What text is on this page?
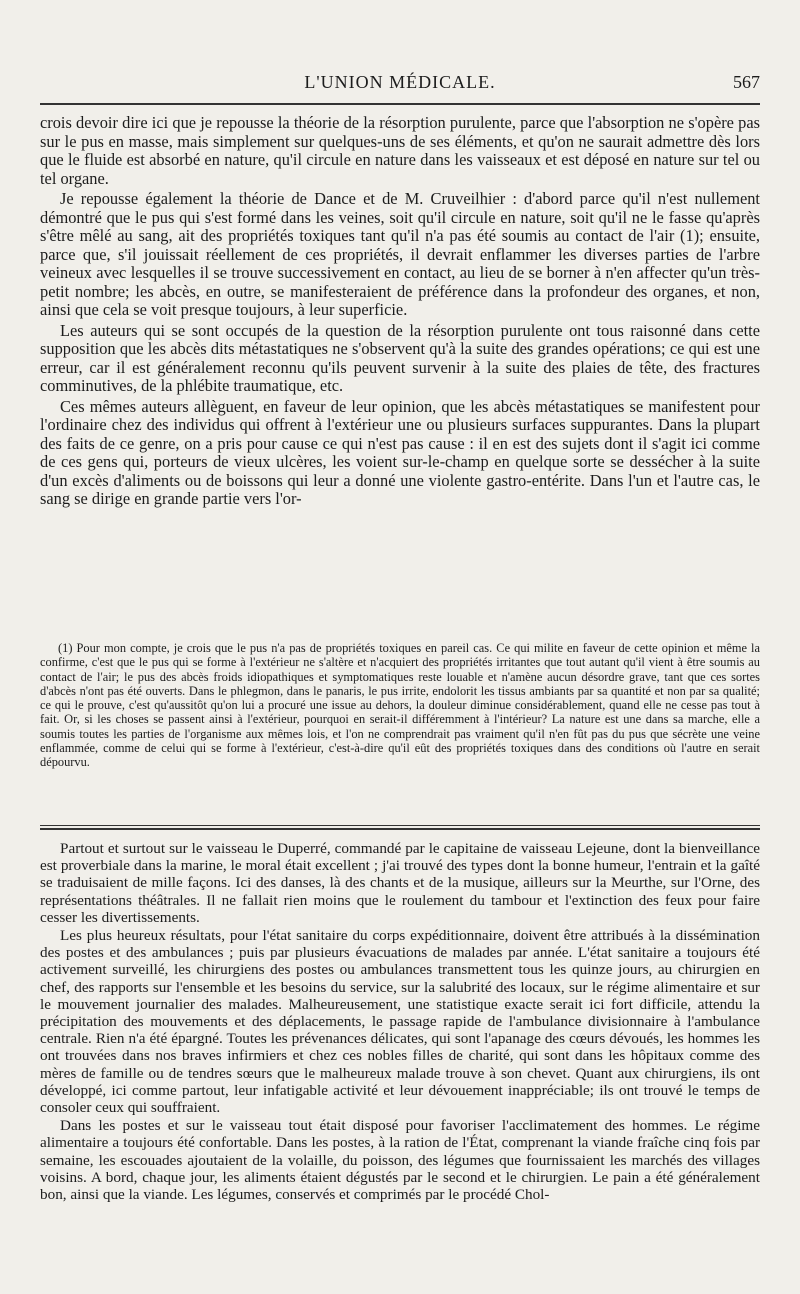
L'UNION MÉDICALE.	567

crois devoir dire ici que je repousse la théorie de la résorption purulente, parce que l'absorption ne s'opère pas sur le pus en masse, mais simplement sur quelques-uns de ses éléments, et qu'on ne saurait admettre dès lors que le fluide est absorbé en nature, qu'il circule en nature dans les vaisseaux et est déposé en nature sur tel ou tel organe.

Je repousse également la théorie de Dance et de M. Cruveilhier : d'abord parce qu'il n'est nullement démontré que le pus qui s'est formé dans les veines, soit qu'il circule en nature, soit qu'il ne le fasse qu'après s'être mêlé au sang, ait des propriétés toxiques tant qu'il n'a pas été soumis au contact de l'air (1); ensuite, parce que, s'il jouissait réellement de ces propriétés, il devrait enflammer les diverses parties de l'arbre veineux avec lesquelles il se trouve successivement en contact, au lieu de se borner à n'en affecter qu'un très-petit nombre; les abcès, en outre, se manifesteraient de préférence dans la profondeur des organes, et non, ainsi que cela se voit presque toujours, à leur superficie.

Les auteurs qui se sont occupés de la question de la résorption purulente ont tous raisonné dans cette supposition que les abcès dits métastatiques ne s'observent qu'à la suite des grandes opérations; ce qui est une erreur, car il est généralement reconnu qu'ils peuvent survenir à la suite des plaies de tête, des fractures comminutives, de la phlébite traumatique, etc.

Ces mêmes auteurs allèguent, en faveur de leur opinion, que les abcès métastatiques se manifestent pour l'ordinaire chez des individus qui offrent à l'extérieur une ou plusieurs surfaces suppurantes. Dans la plupart des faits de ce genre, on a pris pour cause ce qui n'est pas cause : il en est des sujets dont il s'agit ici comme de ces gens qui, porteurs de vieux ulcères, les voient sur-le-champ en quelque sorte se dessécher à la suite d'un excès d'aliments ou de boissons qui leur a donné une violente gastro-entérite. Dans l'un et l'autre cas, le sang se dirige en grande partie vers l'or-

(1) Pour mon compte, je crois que le pus n'a pas de propriétés toxiques en pareil cas. Ce qui milite en faveur de cette opinion et même la confirme, c'est que le pus qui se forme à l'extérieur ne s'altère et n'acquiert des propriétés irritantes que tout autant qu'il vient à être soumis au contact de l'air; le pus des abcès froids idiopathiques et symptomatiques reste louable et n'amène aucun désordre grave, tant que ces sortes d'abcès n'ont pas été ouverts. Dans le phlegmon, dans le panaris, le pus irrite, endolorit les tissus ambiants par sa quantité et non par sa qualité; ce qui le prouve, c'est qu'aussitôt qu'on lui a procuré une issue au dehors, la douleur diminue considérablement, quand elle ne cesse pas tout à fait. Or, si les choses se passent ainsi à l'extérieur, pourquoi en serait-il différemment à l'intérieur? La nature est une dans sa marche, elle a soumis toutes les parties de l'organisme aux mêmes lois, et l'on ne comprendrait pas vraiment qu'il n'en fût pas du pus que sécrète une veine enflammée, comme de celui qui se forme à l'extérieur, c'est-à-dire qu'il eût des propriétés toxiques dans des conditions où l'autre en serait dépourvu.

Partout et surtout sur le vaisseau le Duperré, commandé par le capitaine de vaisseau Lejeune, dont la bienveillance est proverbiale dans la marine, le moral était excellent ; j'ai trouvé des types dont la bonne humeur, l'entrain et la gaîté se traduisaient de mille façons. Ici des danses, là des chants et de la musique, ailleurs sur la Meurthe, sur l'Orne, des représentations théâtrales. Il ne fallait rien moins que le roulement du tambour et l'extinction des feux pour faire cesser les divertissements.

Les plus heureux résultats, pour l'état sanitaire du corps expéditionnaire, doivent être attribués à la dissémination des postes et des ambulances ; puis par plusieurs évacuations de malades par année. L'état sanitaire a toujours été activement surveillé, les chirurgiens des postes ou ambulances transmettent tous les quinze jours, au chirurgien en chef, des rapports sur l'ensemble et les besoins du service, sur la salubrité des locaux, sur le régime alimentaire et sur le mouvement journalier des malades. Malheureusement, une statistique exacte serait ici fort difficile, attendu la précipitation des mouvements et des déplacements, le passage rapide de l'ambulance divisionnaire à l'ambulance centrale. Rien n'a été épargné. Toutes les prévenances délicates, qui sont l'apanage des cœurs dévoués, les hommes les ont trouvées dans nos braves infirmiers et chez ces nobles filles de charité, qui sont dans les hôpitaux comme des mères de famille ou de tendres sœurs que le malheureux malade trouve à son chevet. Quant aux chirurgiens, ils ont développé, ici comme partout, leur infatigable activité et leur dévouement inappréciable; ils ont trouvé le temps de consoler ceux qui souffraient.

Dans les postes et sur le vaisseau tout était disposé pour favoriser l'acclimatement des hommes. Le régime alimentaire a toujours été confortable. Dans les postes, à la ration de l'État, comprenant la viande fraîche cinq fois par semaine, les escouades ajoutaient de la volaille, du poisson, des légumes que fournissaient les marchés des villages voisins. A bord, chaque jour, les aliments étaient dégustés par le second et le chirurgien. Le pain a été généralement bon, ainsi que la viande. Les légumes, conservés et comprimés par le procédé Chol-
